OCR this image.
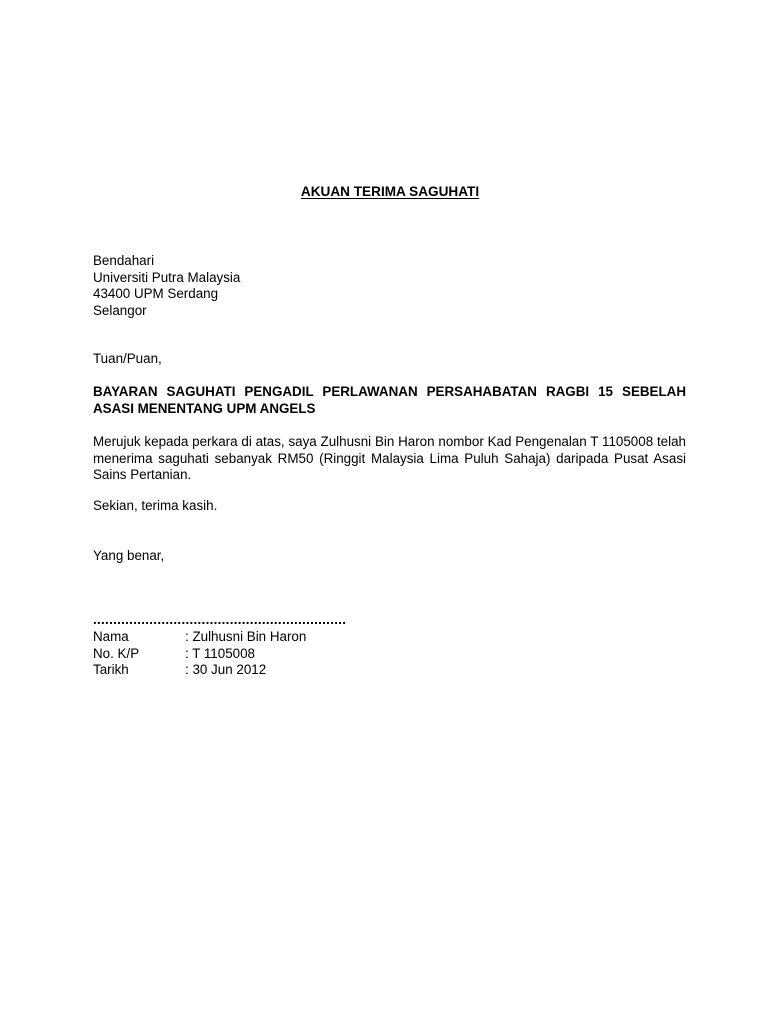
AKUAN TERIMA SAGUHATI
Bendahari
Universiti Putra Malaysia
43400 UPM Serdang
Selangor
Tuan/Puan,
BAYARAN SAGUHATI PENGADIL PERLAWANAN PERSAHABATAN RAGBI 15 SEBELAH ASASI MENENTANG UPM ANGELS
Merujuk kepada perkara di atas, saya Zulhusni Bin Haron nombor Kad Pengenalan T 1105008 telah menerima saguhati sebanyak RM50 (Ringgit Malaysia Lima Puluh Sahaja) daripada Pusat Asasi Sains Pertanian.
Sekian, terima kasih.
Yang benar,
...............................................................
Nama	: Zulhusni Bin Haron
No. K/P	: T 1105008
Tarikh	: 30 Jun 2012
